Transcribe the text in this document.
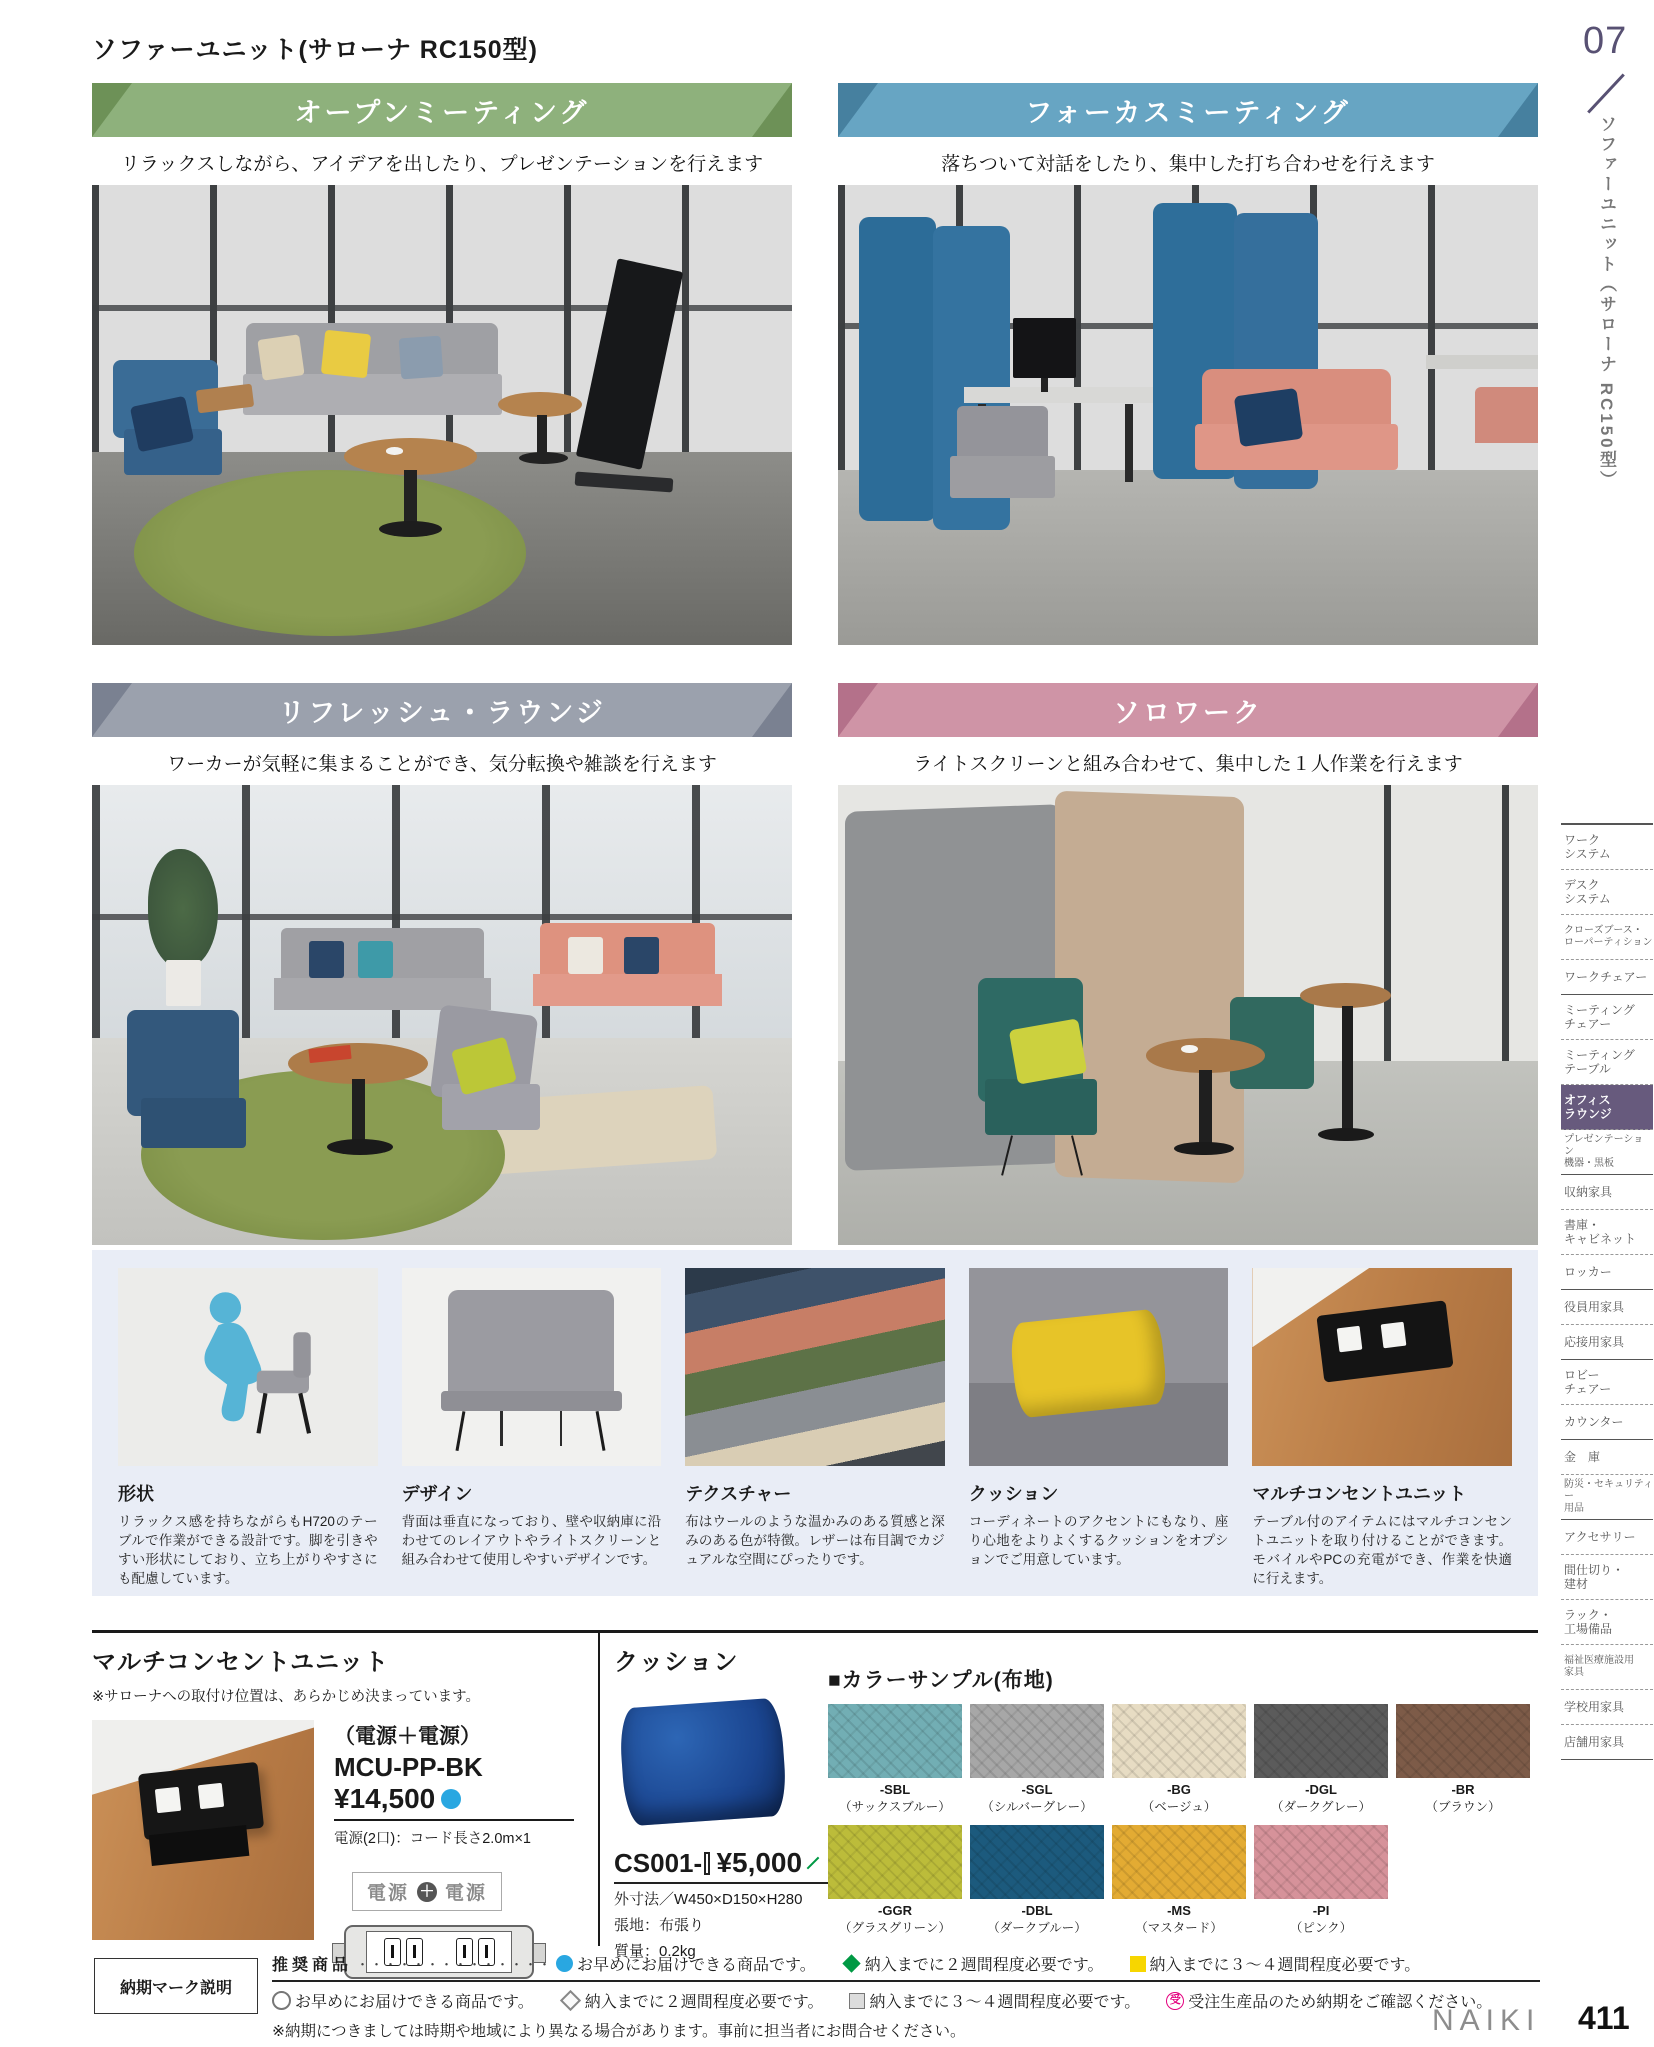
ソファーユニット(サローナ RC150型)	07
ソファーユニット（サローナ RC150型）
オープンミーティング
リラックスしながら、アイデアを出したり、プレゼンテーションを行えます
フォーカスミーティング
落ちついて対話をしたり、集中した打ち合わせを行えます
リフレッシュ・ラウンジ
ワーカーが気軽に集まることができ、気分転換や雑談を行えます
ソロワーク
ライトスクリーンと組み合わせて、集中した１人作業を行えます
形状
リラックス感を持ちながらもH720のテーブルで作業ができる設計です。脚を引きやすい形状にしており、立ち上がりやすさにも配慮しています。
デザイン
背面は垂直になっており、壁や収納庫に沿わせてのレイアウトやライトスクリーンと組み合わせて使用しやすいデザインです。
テクスチャー
布はウールのような温かみのある質感と深みのある色が特徴。レザーは布目調でカジュアルな空間にぴったりです。
クッション
コーディネートのアクセントにもなり、座り心地をよりよくするクッションをオプションでご用意しています。
マルチコンセントユニット
テーブル付のアイテムにはマルチコンセントユニットを取り付けることができます。モバイルやPCの充電ができ、作業を快適に行えます。
マルチコンセントユニット
※サローナへの取付け位置は、あらかじめ決まっています。
（電源＋電源）
MCU-PP-BK
¥14,500
電源(2口)：コード長さ2.0m×1
電源 ＋ 電源
クッション
CS001- ¥5,000
外寸法／W450×D150×H280
張地：布張り
質量：0.2kg
■カラーサンプル(布地)
-SBL
（サックスブルー）
-SGL
（シルバーグレー）
-BG
（ベージュ）
-DGL
（ダークグレー）
-BR
（ブラウン）
-GGR
（グラスグリーン）
-DBL
（ダークブルー）
-MS
（マスタード）
-PI
（ピンク）
ワーク
システム
デスク
システム
クローズブース・
ローパーティション
ワークチェアー
ミーティング
チェアー
ミーティング
テーブル
オフィス
ラウンジ
プレゼンテーション
機器・黒板
収納家具
書庫・
キャビネット
ロッカー
役員用家具
応接用家具
ロビー
チェアー
カウンター
金　庫
防災・セキュリティー
用品
アクセサリー
間仕切り・
建材
ラック・
工場備品
福祉医療施設用
家具
学校用家具
店舗用家具
納期マーク説明
推奨商品 ・・・・・・・・・・・・・・ お早めにお届けできる商品です。	納入までに２週間程度必要です。	納入までに３〜４週間程度必要です。
お早めにお届けできる商品です。	納入までに２週間程度必要です。	納入までに３〜４週間程度必要です。	受 受注生産品のため納期をご確認ください。
※納期につきましては時期や地域により異なる場合があります。事前に担当者にお問合せください。	NAIKI 411
